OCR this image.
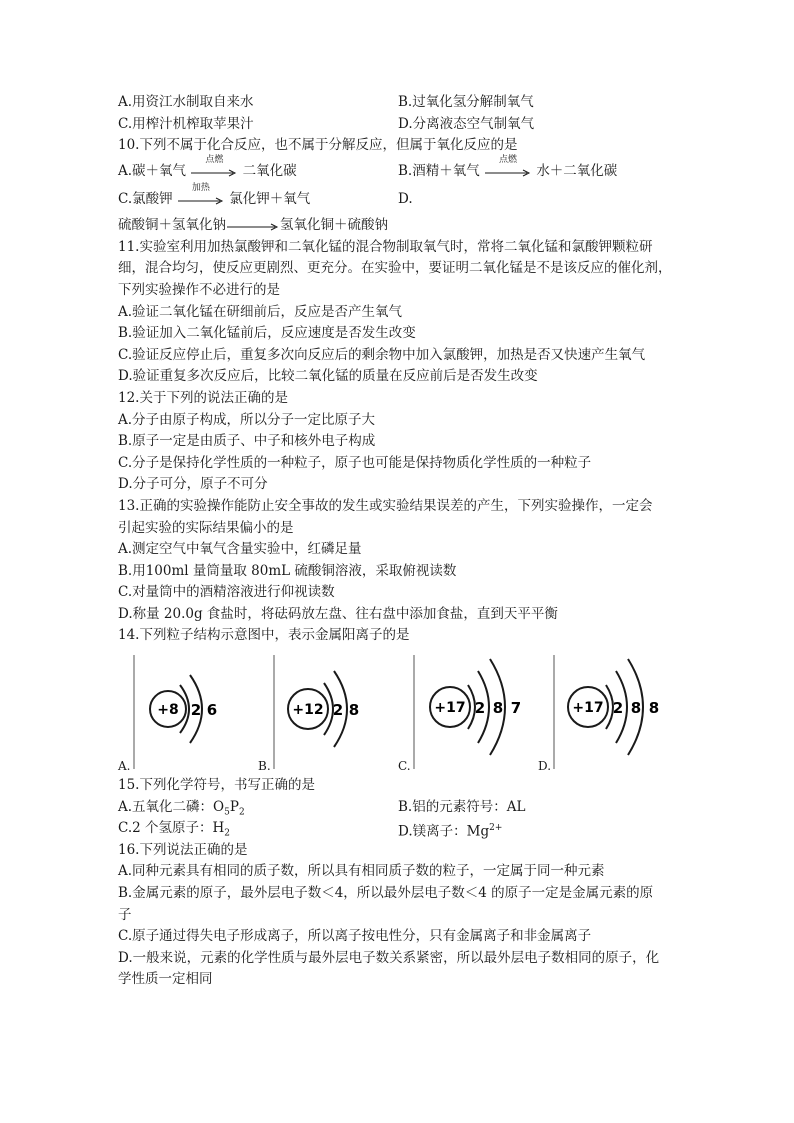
A.用资江水制取自来水	B.过氧化氢分解制氧气
C.用榨汁机榨取苹果汁	D.分离液态空气制氧气
10.下列不属于化合反应，也不属于分解反应，但属于氧化反应的是
A.碳＋氧气
点燃
二氧化碳	B.酒精＋氧气
点燃
水＋二氧化碳
C.氯酸钾
加热
氯化钾＋氧气	D.
硫酸铜＋氢氧化钠 → 氢氧化铜＋硫酸钠
11.实验室利用加热氯酸钾和二氧化锰的混合物制取氧气时，常将二氧化锰和氯酸钾颗粒研
细，混合均匀，使反应更剧烈、更充分。在实验中，要证明二氧化锰是不是该反应的催化剂，
下列实验操作不必进行的是
A.验证二氧化锰在研细前后，反应是否产生氧气
B.验证加入二氧化锰前后，反应速度是否发生改变
C.验证反应停止后，重复多次向反应后的剩余物中加入氯酸钾，加热是否又快速产生氧气
D.验证重复多次反应后，比较二氧化锰的质量在反应前后是否发生改变
12.关于下列的说法正确的是
A.分子由原子构成，所以分子一定比原子大
B.原子一定是由质子、中子和核外电子构成
C.分子是保持化学性质的一种粒子，原子也可能是保持物质化学性质的一种粒子
D.分子可分，原子不可分
13.正确的实验操作能防止安全事故的发生或实验结果误差的产生，下列实验操作，一定会
引起实验的实际结果偏小的是
A.测定空气中氧气含量实验中，红磷足量
B.用100ml 量筒量取 80mL 硫酸铜溶液，采取俯视读数
C.对量筒中的酒精溶液进行仰视读数
D.称量 20.0g 食盐时，将砝码放左盘、往右盘中添加食盐，直到天平平衡
14.下列粒子结构示意图中，表示金属阳离子的是
+8 2 6
A.
+12 2 8
B.
+17 2 8 7
C.
+17 2 8 8
D.
15.下列化学符号，书写正确的是
A.五氧化二磷：$O_5P_2$	B.铝的元素符号：AL
C.2 个氢原子：$H_2$	D.镁离子：$Mg^{2+}$
16.下列说法正确的是
A.同种元素具有相同的质子数，所以具有相同质子数的粒子，一定属于同一种元素
B.金属元素的原子，最外层电子数＜4，所以最外层电子数＜4 的原子一定是金属元素的原
子
C.原子通过得失电子形成离子，所以离子按电性分，只有金属离子和非金属离子
D.一般来说，元素的化学性质与最外层电子数关系紧密，所以最外层电子数相同的原子，化
学性质一定相同
